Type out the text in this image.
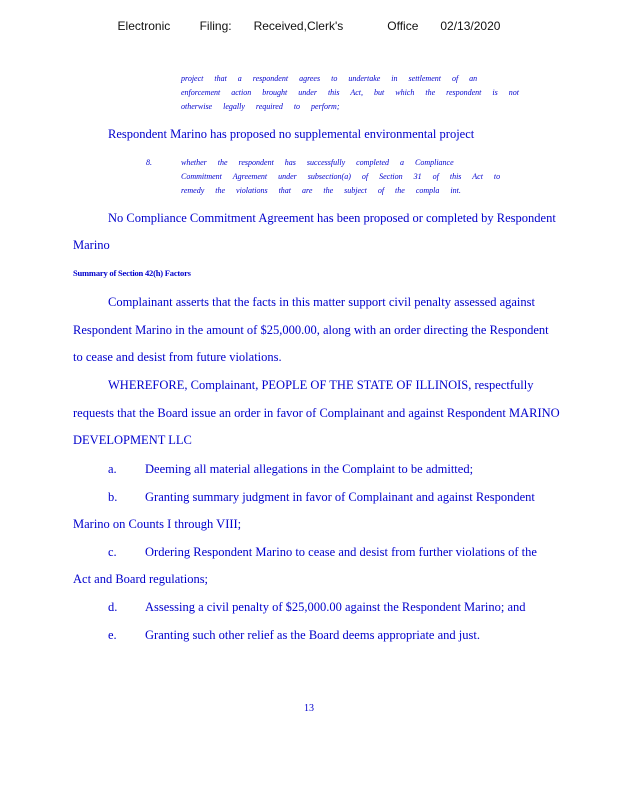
Electronic    Filing:   Received,Clerk's      Office   02/13/2020
project that a respondent agrees to undertake in settlement of an
enforcement action brought under this Act, but which the respondent is not
otherwise legally required to perform;
Respondent Marino has proposed no supplemental environmental project
8.	whether the respondent has successfully completed a Compliance
Commitment Agreement under subsection(a) of Section 31 of this Act to
remedy the violations that are the subject of the compla int.
No Compliance Commitment Agreement has been proposed or completed by Respondent
Marino
Summary of Section 42(h) Factors
Complainant asserts that the facts in this matter support civil penalty assessed against
Respondent Marino in the amount of $25,000.00, along with an order directing the Respondent
to cease and desist from future violations.
WHEREFORE, Complainant, PEOPLE OF THE STATE OF ILLINOIS, respectfully
requests that the Board issue an order in favor of Complainant and against Respondent MARINO
DEVELOPMENT LLC
a. Deeming all material allegations in the Complaint to be admitted;
b. Granting summary judgment in favor of Complainant and against Respondent
Marino on Counts I through VIII;
c. Ordering Respondent Marino to cease and desist from further violations of the
Act and Board regulations;
d. Assessing a civil penalty of $25,000.00 against the Respondent Marino; and
e. Granting such other relief as the Board deems appropriate and just.
13
